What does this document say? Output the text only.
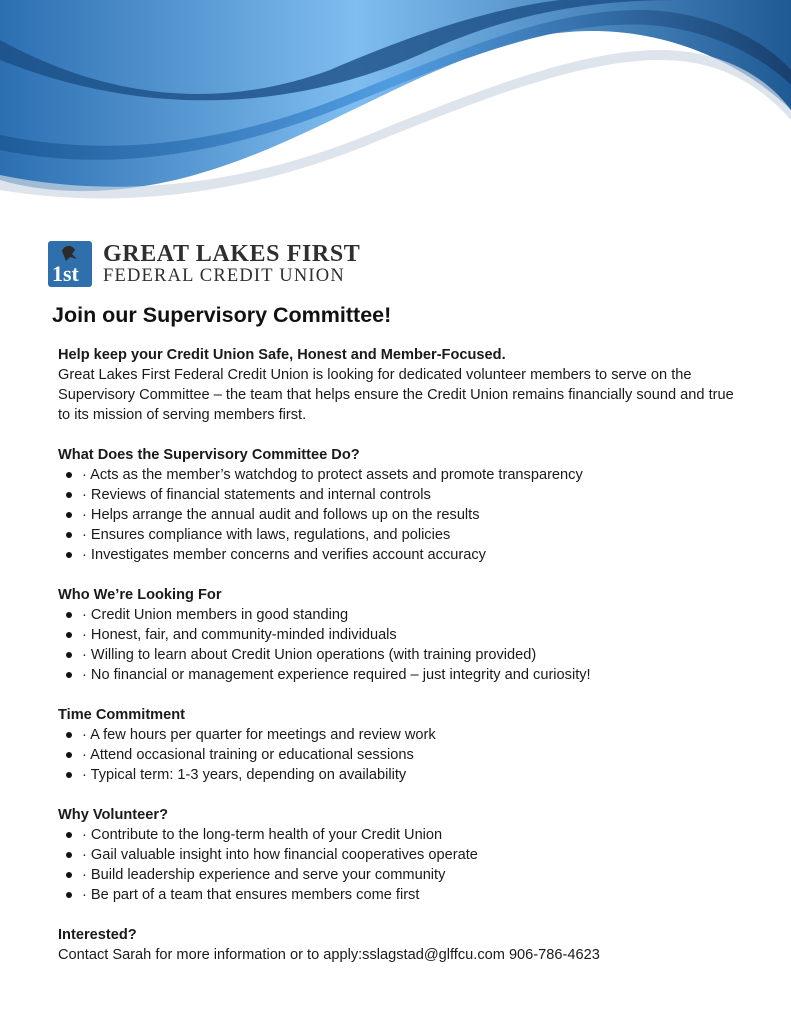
1st
GREAT LAKES FIRST
FEDERAL CREDIT UNION
Join our Supervisory Committee!
Help keep your Credit Union Safe, Honest and Member-Focused.

Great Lakes First Federal Credit Union is looking for dedicated volunteer members to serve on the Supervisory Committee – the team that helps ensure the Credit Union remains financially sound and true to its mission of serving members first.

What Does the Supervisory Committee Do?
· Acts as the member’s watchdog to protect assets and promote transparency
· Reviews of financial statements and internal controls
· Helps arrange the annual audit and follows up on the results
· Ensures compliance with laws, regulations, and policies
· Investigates member concerns and verifies account accuracy
Who We’re Looking For
· Credit Union members in good standing
· Honest, fair, and community-minded individuals
· Willing to learn about Credit Union operations (with training provided)
· No financial or management experience required – just integrity and curiosity!
Time Commitment
· A few hours per quarter for meetings and review work
· Attend occasional training or educational sessions
· Typical term: 1-3 years, depending on availability
Why Volunteer?
· Contribute to the long-term health of your Credit Union
· Gail valuable insight into how financial cooperatives operate
· Build leadership experience and serve your community
· Be part of a team that ensures members come first
Interested?

Contact Sarah for more information or to apply:sslagstad@glffcu.com 906-786-4623
